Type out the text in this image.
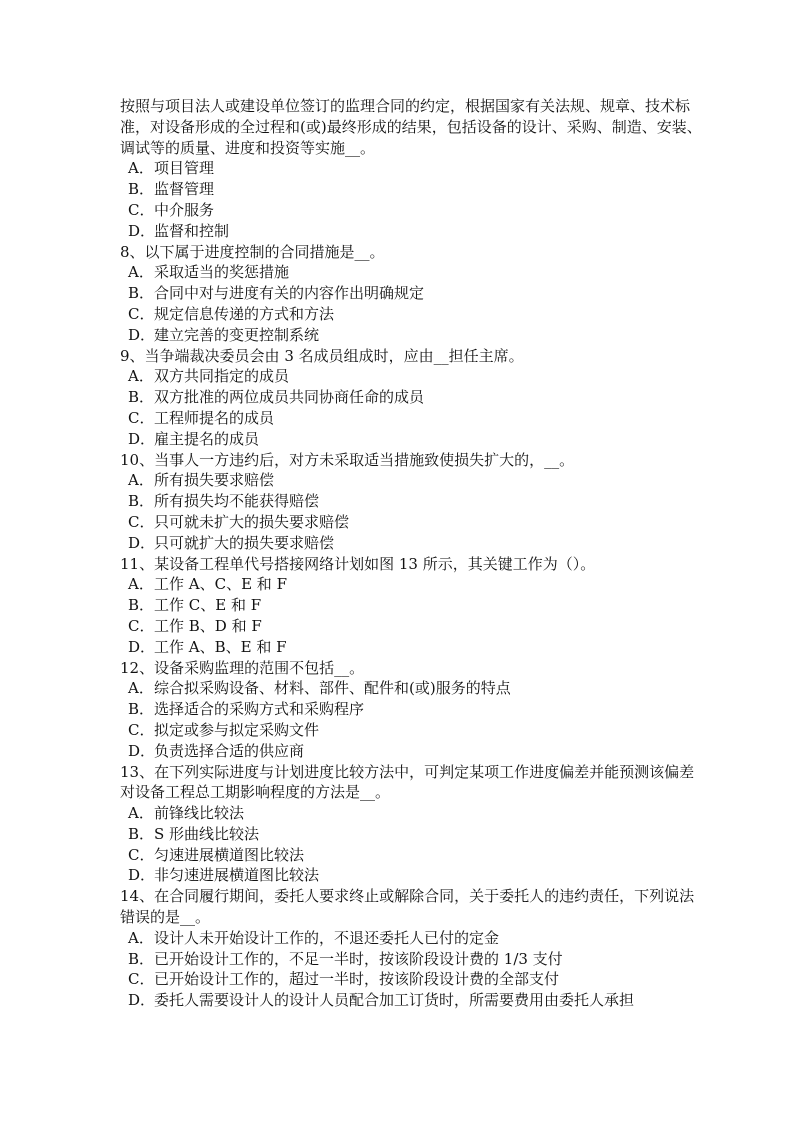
按照与项目法人或建设单位签订的监理合同的约定，根据国家有关法规、规章、技术标准，对设备形成的全过程和(或)最终形成的结果，包括设备的设计、采购、制造、安装、调试等的质量、进度和投资等实施__。

A．项目管理

B．监督管理

C．中介服务

D．监督和控制

8、以下属于进度控制的合同措施是__。

A．采取适当的奖惩措施

B．合同中对与进度有关的内容作出明确规定

C．规定信息传递的方式和方法

D．建立完善的变更控制系统

9、当争端裁决委员会由 3 名成员组成时，应由__担任主席。

A．双方共同指定的成员

B．双方批准的两位成员共同协商任命的成员

C．工程师提名的成员

D．雇主提名的成员

10、当事人一方违约后，对方未采取适当措施致使损失扩大的，__。

A．所有损失要求赔偿

B．所有损失均不能获得赔偿

C．只可就未扩大的损失要求赔偿

D．只可就扩大的损失要求赔偿

11、某设备工程单代号搭接网络计划如图 13 所示，其关键工作为（）。

A．工作 A、C、E 和 F

B．工作 C、E 和 F

C．工作 B、D 和 F

D．工作 A、B、E 和 F

12、设备采购监理的范围不包括__。

A．综合拟采购设备、材料、部件、配件和(或)服务的特点

B．选择适合的采购方式和采购程序

C．拟定或参与拟定采购文件

D．负责选择合适的供应商

13、在下列实际进度与计划进度比较方法中，可判定某项工作进度偏差并能预测该偏差对设备工程总工期影响程度的方法是__。

A．前锋线比较法

B．S 形曲线比较法

C．匀速进展横道图比较法

D．非匀速进展横道图比较法

14、在合同履行期间，委托人要求终止或解除合同，关于委托人的违约责任，下列说法错误的是__。

A．设计人未开始设计工作的，不退还委托人已付的定金

B．已开始设计工作的，不足一半时，按该阶段设计费的 1/3 支付

C．已开始设计工作的，超过一半时，按该阶段设计费的全部支付

D．委托人需要设计人的设计人员配合加工订货时，所需要费用由委托人承担
